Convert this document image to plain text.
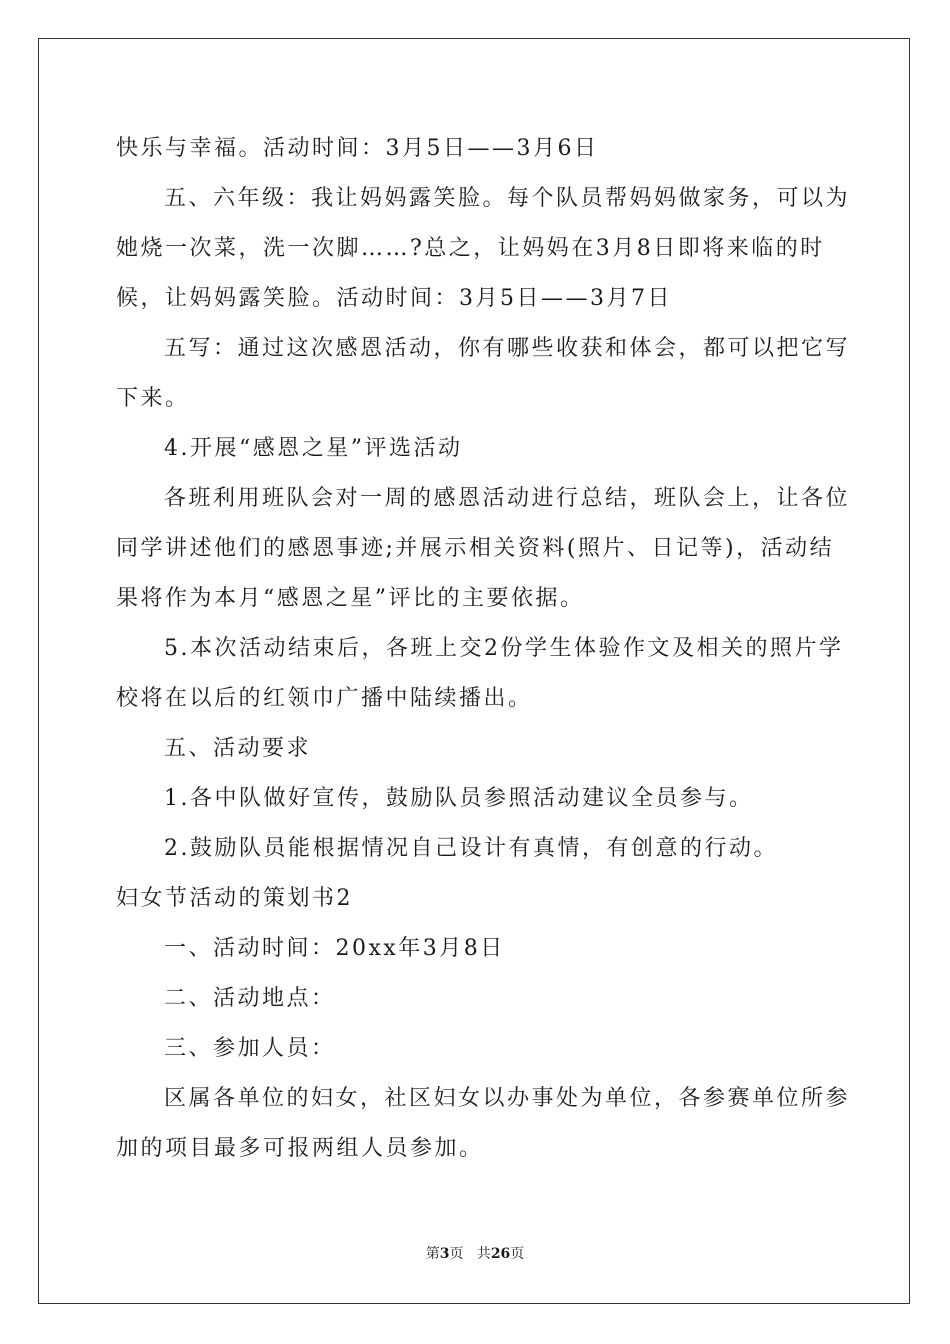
快乐与幸福。活动时间：3月5日——3月6日
五、六年级：我让妈妈露笑脸。每个队员帮妈妈做家务，可以为
她烧一次菜，洗一次脚……?总之，让妈妈在3月8日即将来临的时
候，让妈妈露笑脸。活动时间：3月5日——3月7日
五写：通过这次感恩活动，你有哪些收获和体会，都可以把它写
下来。
4.开展“感恩之星”评选活动
各班利用班队会对一周的感恩活动进行总结，班队会上，让各位
同学讲述他们的感恩事迹;并展示相关资料(照片、日记等)，活动结
果将作为本月“感恩之星”评比的主要依据。
5.本次活动结束后，各班上交2份学生体验作文及相关的照片学
校将在以后的红领巾广播中陆续播出。
五、活动要求
1.各中队做好宣传，鼓励队员参照活动建议全员参与。
2.鼓励队员能根据情况自己设计有真情，有创意的行动。
妇女节活动的策划书2
一、活动时间：20xx年3月8日
二、活动地点：
三、参加人员：
区属各单位的妇女，社区妇女以办事处为单位，各参赛单位所参
加的项目最多可报两组人员参加。
第3页   共26页
